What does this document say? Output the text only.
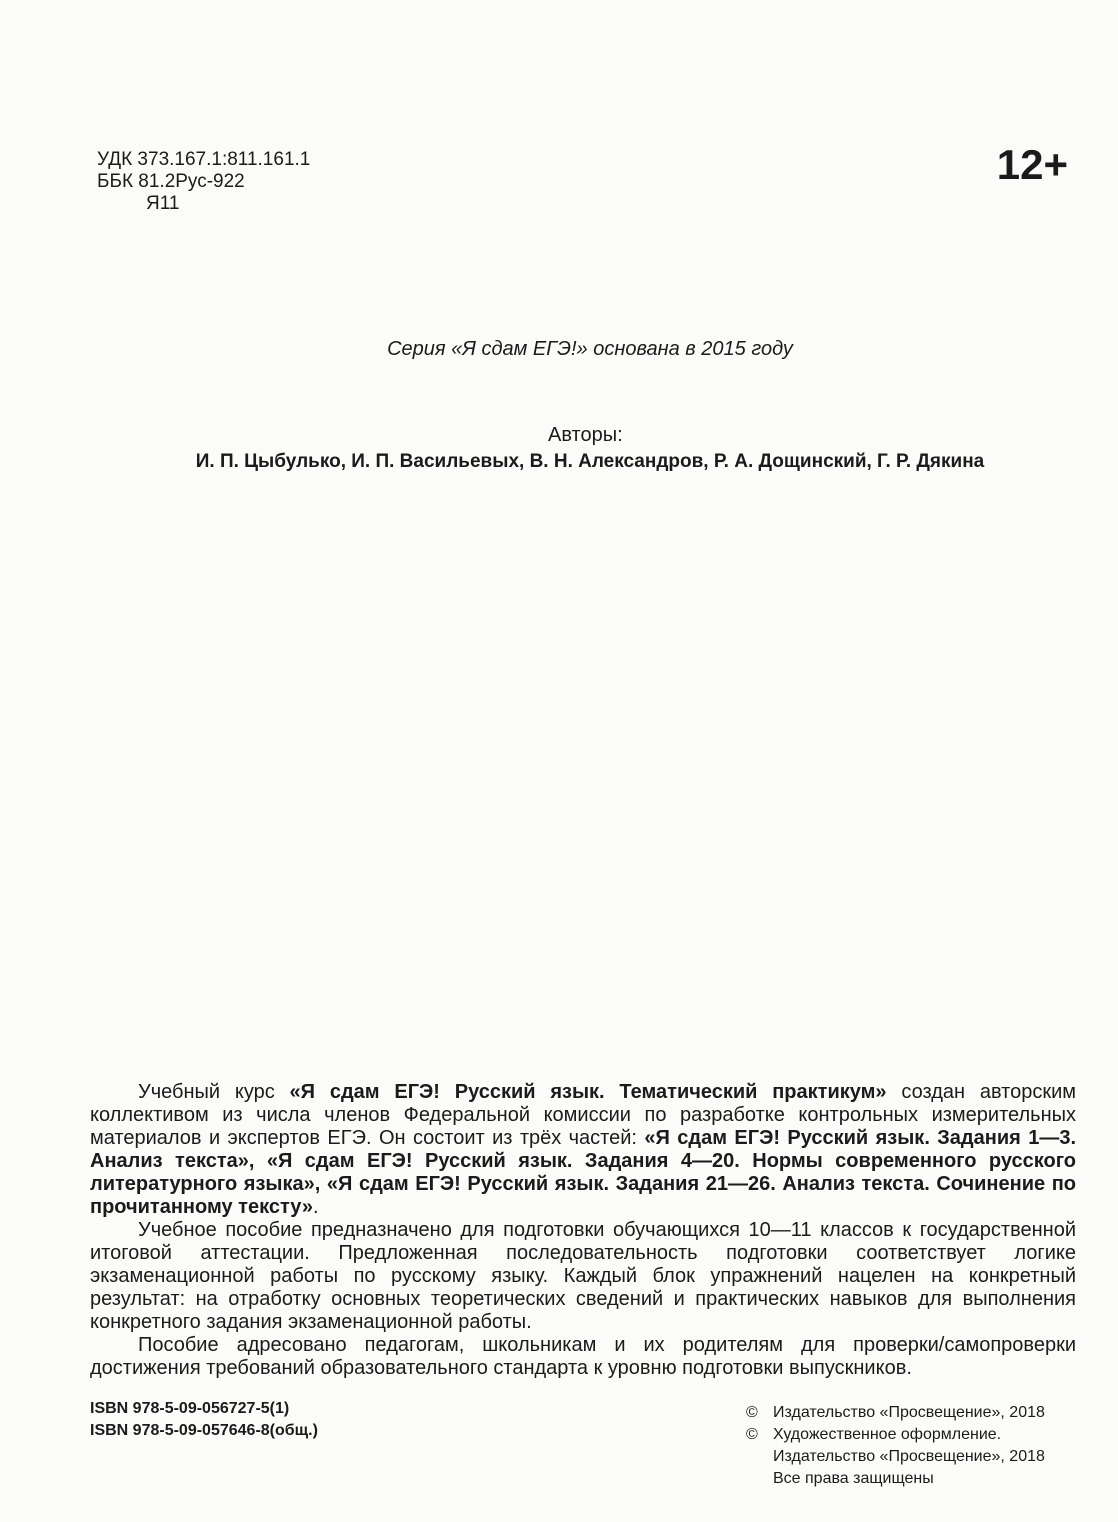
УДК 373.167.1:811.161.1
ББК 81.2Рус-922
Я11
12+
Серия «Я сдам ЕГЭ!» основана в 2015 году
Авторы:
И. П. Цыбулько, И. П. Васильевых, В. Н. Александров, Р. А. Дощинский, Г. Р. Дякина

Учебный курс «Я сдам ЕГЭ! Русский язык. Тематический практикум» создан авторским коллективом из числа членов Федеральной комиссии по разработке контрольных измерительных материалов и экспертов ЕГЭ. Он состоит из трёх частей: «Я сдам ЕГЭ! Русский язык. Задания 1—3. Анализ текста», «Я сдам ЕГЭ! Русский язык. Задания 4—20. Нормы современного русского литературного языка», «Я сдам ЕГЭ! Русский язык. Задания 21—26. Анализ текста. Сочинение по прочитанному тексту».

Учебное пособие предназначено для подготовки обучающихся 10—11 классов к государственной итоговой аттестации. Предложенная последовательность подготовки соответствует логике экзаменационной работы по русскому языку. Каждый блок упражнений нацелен на конкретный результат: на отработку основных теоретических сведений и практических навыков для выполнения конкретного задания экзаменационной работы.

Пособие адресовано педагогам, школьникам и их родителям для проверки/самопроверки достижения требований образовательного стандарта к уровню подготовки выпускников.

ISBN 978-5-09-056727-5(1)
ISBN 978-5-09-057646-8(общ.)
© Издательство «Просвещение», 2018
© Художественное оформление.
Издательство «Просвещение», 2018
Все права защищены
